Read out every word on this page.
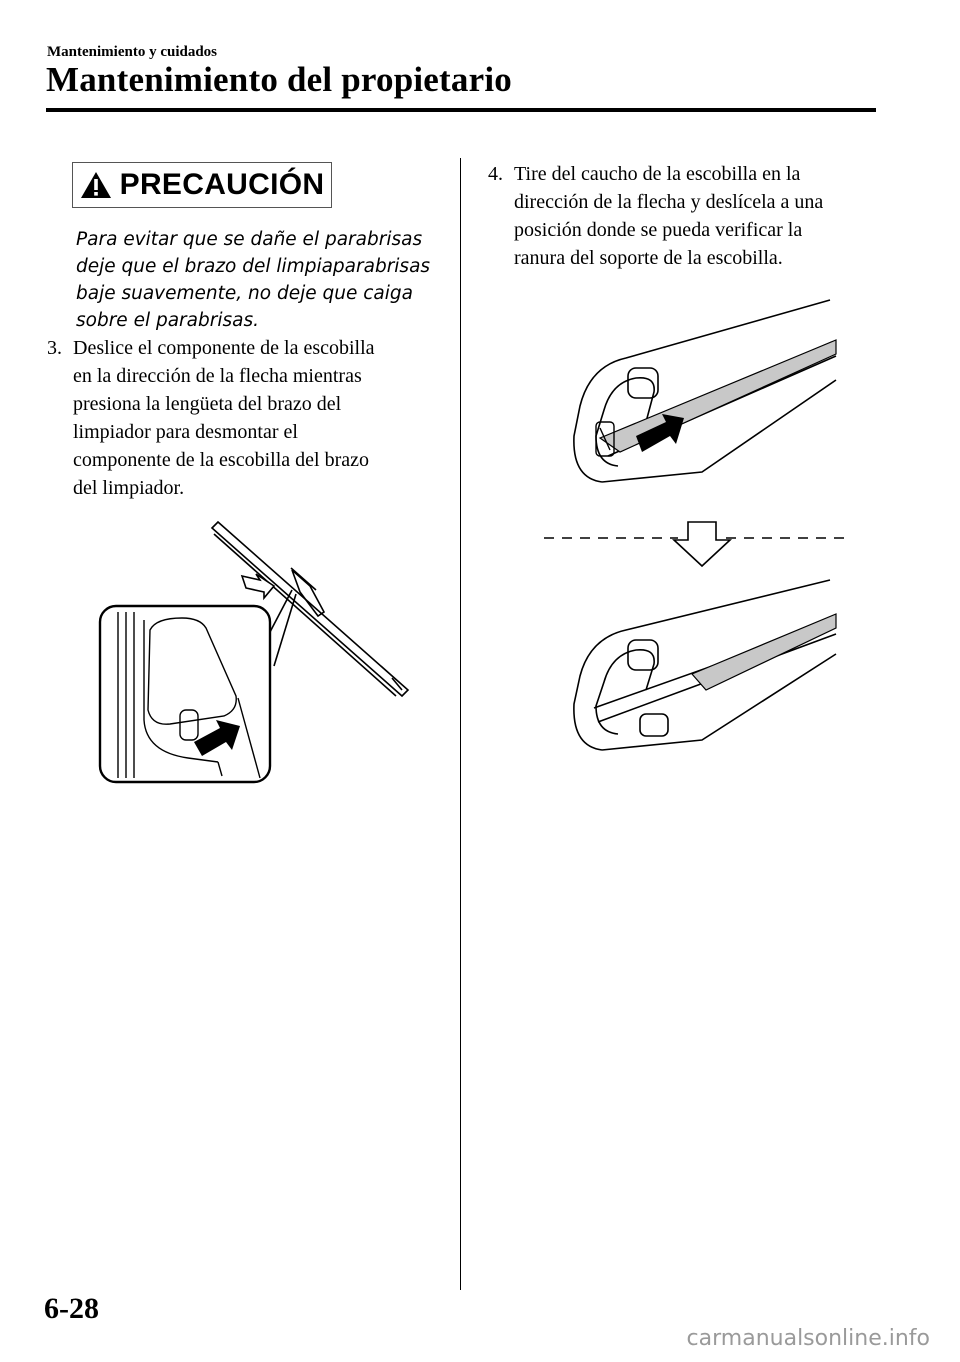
Mantenimiento y cuidados
Mantenimiento del propietario
PRECAUCIÓN
Para evitar que se dañe el parabrisas
deje que el brazo del limpiaparabrisas
baje suavemente, no deje que caiga
sobre el parabrisas.
3. Deslice el componente de la escobilla
en la dirección de la flecha mientras
presiona la lengüeta del brazo del
limpiador para desmontar el
componente de la escobilla del brazo
del limpiador.
4. Tire del caucho de la escobilla en la
dirección de la flecha y deslícela a una
posición donde se pueda verificar la
ranura del soporte de la escobilla.
6-28
carmanualsonline.info
